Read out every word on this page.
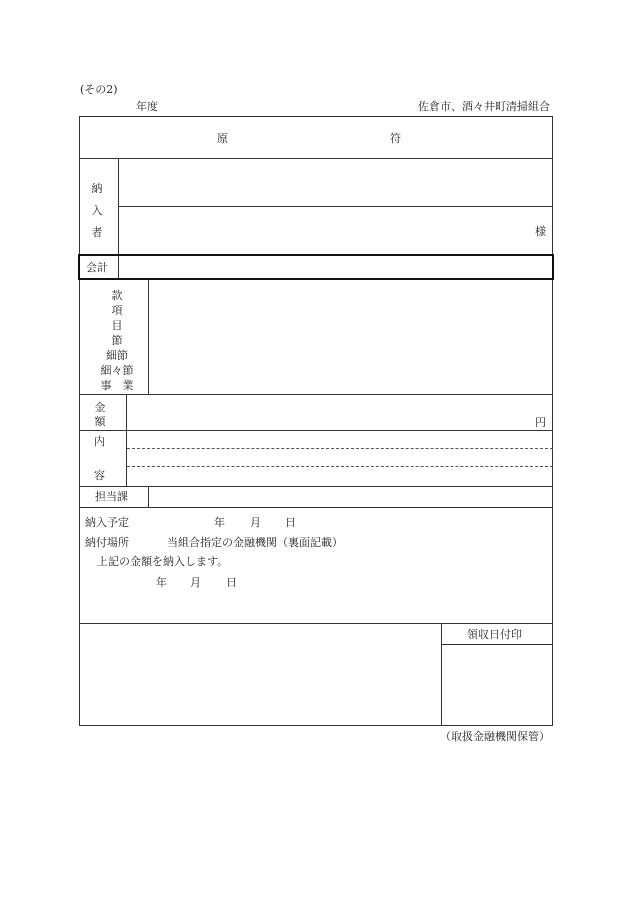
(その2)
年度	佐倉市、酒々井町清掃組合
原	符
納
入
者	様
会計
款
項
目
節
細節
細々節
事　業
金
額	円
内
容
担当課
納入予定	年 月 日
納付場所	当組合指定の金融機関（裏面記載）
上記の金額を納入します。
年 月 日
領収日付印
（取扱金融機関保管）
